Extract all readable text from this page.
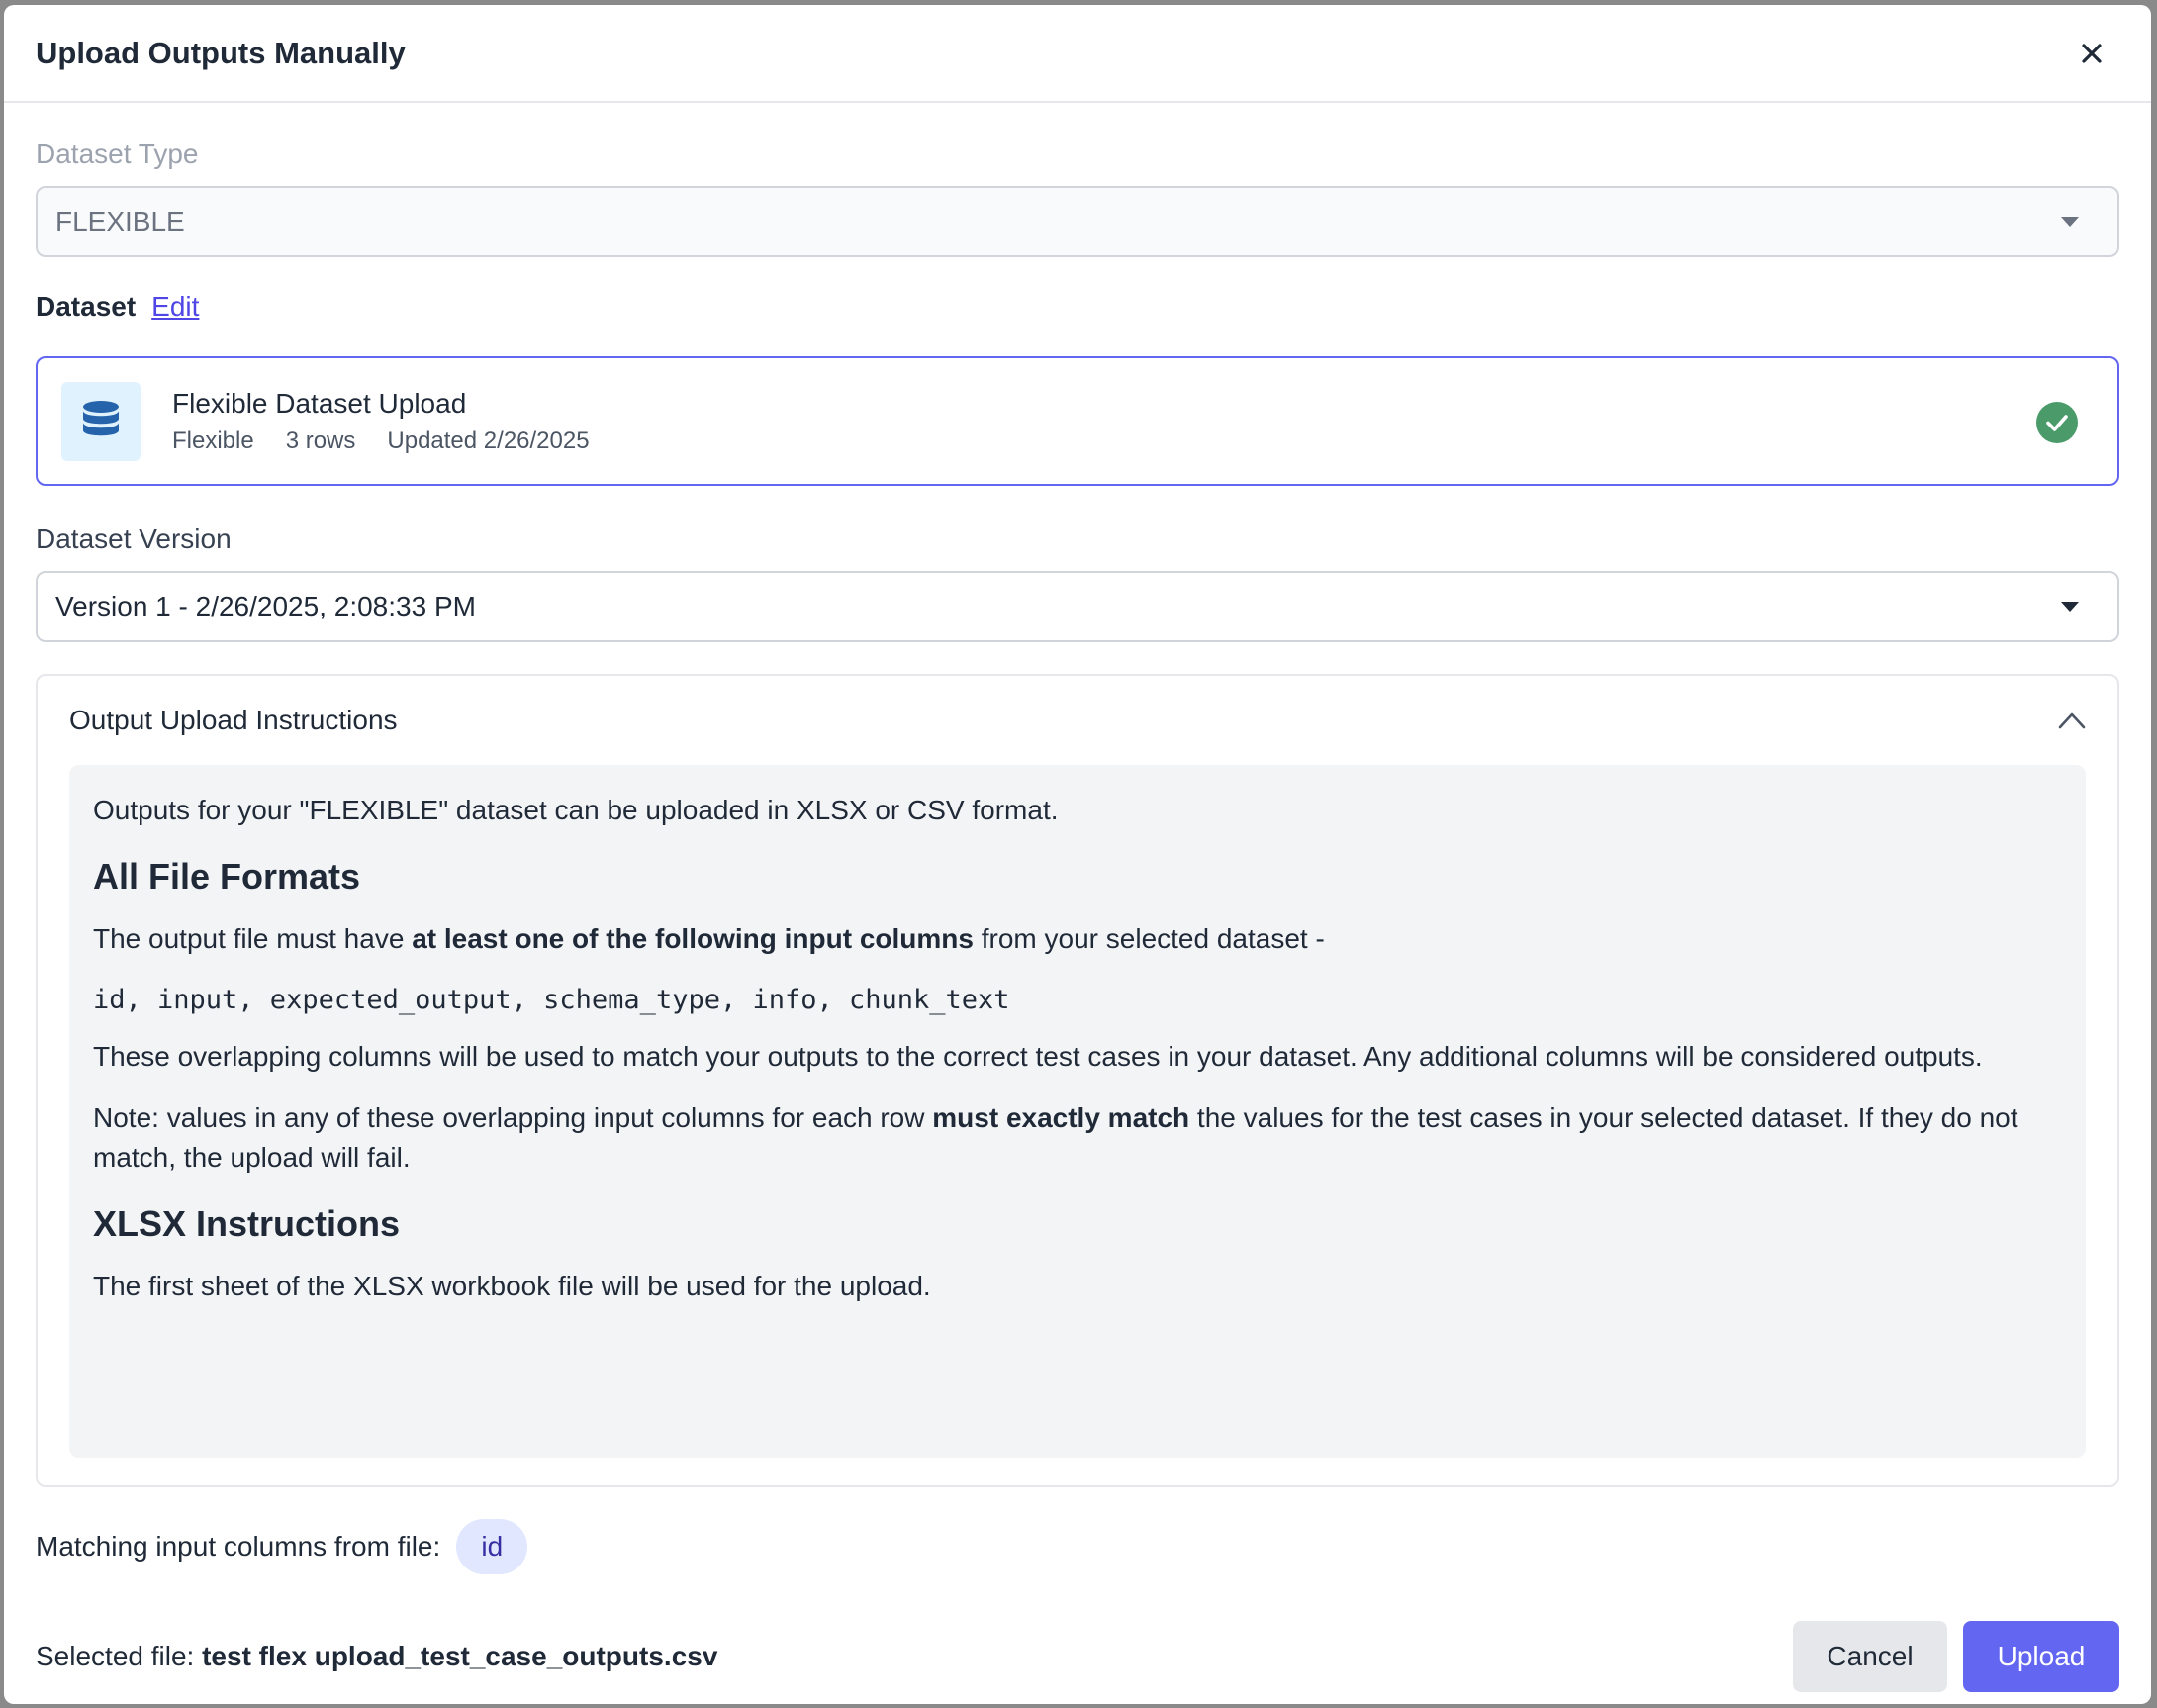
Upload Outputs Manually
Dataset Type
FLEXIBLE
Dataset Edit
Flexible Dataset Upload
Flexible 3 rows Updated 2/26/2025
Dataset Version
Version 1 - 2/26/2025, 2:08:33 PM
Output Upload Instructions

Outputs for your "FLEXIBLE" dataset can be uploaded in XLSX or CSV format.

All File Formats

The output file must have at least one of the following input columns from your selected dataset -

id, input, expected_output, schema_type, info, chunk_text

These overlapping columns will be used to match your outputs to the correct test cases in your dataset. Any additional columns will be considered outputs.

Note: values in any of these overlapping input columns for each row must exactly match the values for the test cases in your selected dataset. If they do not match, the upload will fail.

XLSX Instructions

The first sheet of the XLSX workbook file will be used for the upload.

Matching input columns from file:	id
Selected file: test flex upload_test_case_outputs.csv	Cancel	Upload
